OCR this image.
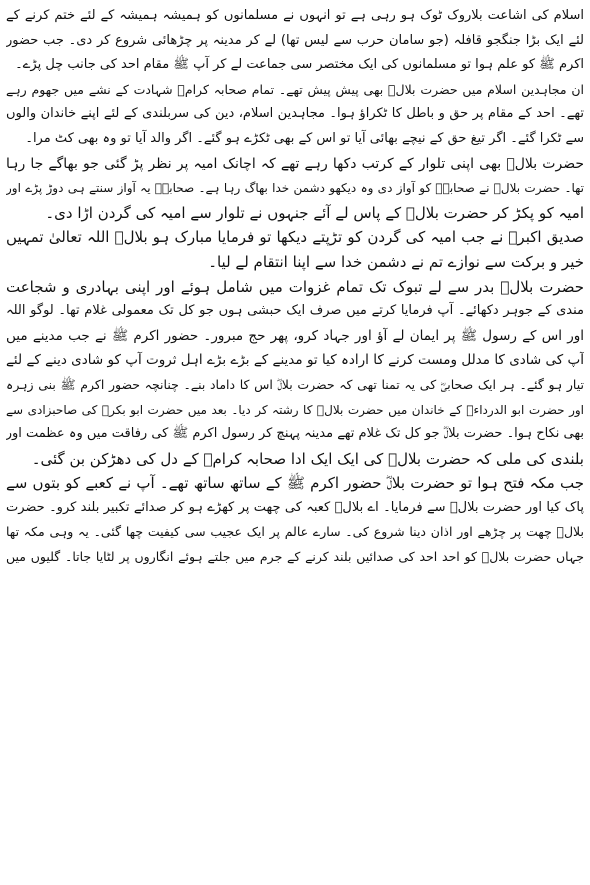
اسلام کی اشاعت بلاروک ٹوک ہو رہی ہے تو انہوں نے مسلمانوں کو ہمیشہ ہمیشہ کے لئے ختم کرنے کے
لئے ایک بڑا جنگجو قافلہ (جو سامان حرب سے لیس تھا) لے کر مدینہ پر چڑھائی شروع کر دی۔ جب حضور
اکرم ﷺ کو علم ہوا تو مسلمانوں کی ایک مختصر سی جماعت لے کر آپ ﷺ مقام احد کی جانب چل پڑے۔
ان مجاہدین اسلام میں حضرت بلالؓ بھی پیش پیش تھے۔ تمام صحابہ کرامؓ شہادت کے نشے میں جھوم رہے
تھے۔ احد کے مقام پر حق و باطل کا ٹکراؤ ہوا۔ مجاہدین اسلام، دین کی سربلندی کے لئے اپنے خاندان والوں
سے ٹکرا گئے۔ اگر تیغ حق کے نیچے بھائی آیا تو اس کے بھی ٹکڑے ہو گئے۔ اگر والد آیا تو وہ بھی کٹ مرا۔
حضرت بلالؓ بھی اپنی تلوار کے کرتب دکھا رہے تھے کہ اچانک امیہ پر نظر پڑ گئی جو بھاگے جا رہا
تھا۔ حضرت بلالؓ نے صحابہؓ کو آواز دی وہ دیکھو دشمن خدا بھاگ رہا ہے۔ صحابہؓ یہ آواز سنتے ہی دوڑ پڑے اور
امیہ کو پکڑ کر حضرت بلالؓ کے پاس لے آئے جنہوں نے تلوار سے امیہ کی گردن اڑا دی۔
صدیق اکبرؓ نے جب امیہ کی گردن کو تڑپتے دیکھا تو فرمایا مبارک ہو بلالؓ اللہ تعالیٰ تمہیں
خیر و برکت سے نوازے تم نے دشمن خدا سے اپنا انتقام لے لیا۔
حضرت بلالؓ بدر سے لے تبوک تک تمام غزوات میں شامل ہوئے اور اپنی بہادری و شجاعت
مندی کے جوہر دکھائے۔ آپ فرمایا کرتے میں صرف ایک حبشی ہوں جو کل تک معمولی غلام تھا۔ لوگو اللہ
اور اس کے رسول ﷺ پر ایمان لے آؤ اور جہاد کرو، پھر حج مبرور۔ حضور اکرم ﷺ نے جب مدینے میں
آپ کی شادی کا مدلل ومست کرنے کا ارادہ کیا تو مدینے کے بڑے بڑے اہل ثروت آپ کو شادی دینے کے لئے
تیار ہو گئے۔ ہر ایک صحابیؓ کی یہ تمنا تھی کہ حضرت بلالؓ اس کا داماد بنے۔ چنانچہ حضور اکرم ﷺ بنی زہرہ
اور حضرت ابو الدرداءؓ کے خاندان میں حضرت بلالؓ کا رشتہ کر دیا۔ بعد میں حضرت ابو بکرؓ کی صاحبزادی سے
بھی نکاح ہوا۔ حضرت بلالؓ جو کل تک غلام تھے مدینہ پہنچ کر رسول اکرم ﷺ کی رفاقت میں وہ عظمت اور
بلندی کی ملی کہ حضرت بلالؓ کی ایک ایک ادا صحابہ کرامؓ کے دل کی دھڑکن بن گئی۔
جب مکہ فتح ہوا تو حضرت بلالؓ حضور اکرم ﷺ کے ساتھ ساتھ تھے۔ آپ نے کعبے کو بتوں سے
پاک کیا اور حضرت بلالؓ سے فرمایا۔ اے بلالؓ کعبہ کی چھت پر کھڑے ہو کر صدائے تکبیر بلند کرو۔ حضرت
بلالؓ چھت پر چڑھے اور اذان دینا شروع کی۔ سارے عالم پر ایک عجیب سی کیفیت چھا گئی۔ یہ وہی مکہ تھا
جہاں حضرت بلالؓ کو احد احد کی صدائیں بلند کرنے کے جرم میں جلتے ہوئے انگاروں پر لٹایا جاتا۔ گلیوں میں
